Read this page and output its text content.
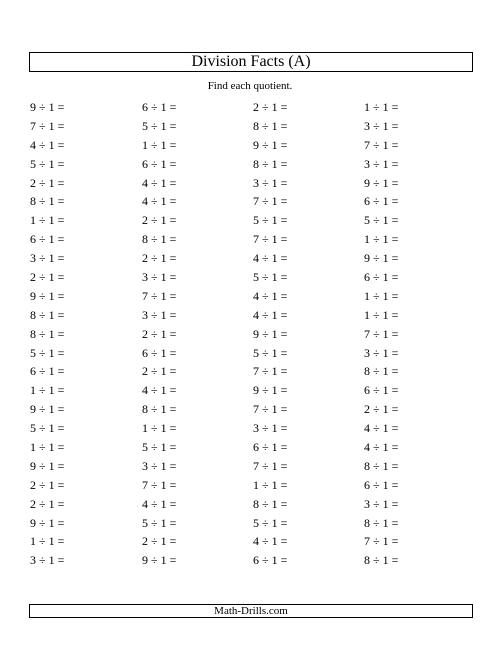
Division Facts (A)
Find each quotient.
9 ÷ 1 =
7 ÷ 1 =
4 ÷ 1 =
5 ÷ 1 =
2 ÷ 1 =
8 ÷ 1 =
1 ÷ 1 =
6 ÷ 1 =
3 ÷ 1 =
2 ÷ 1 =
9 ÷ 1 =
8 ÷ 1 =
8 ÷ 1 =
5 ÷ 1 =
6 ÷ 1 =
1 ÷ 1 =
9 ÷ 1 =
5 ÷ 1 =
1 ÷ 1 =
9 ÷ 1 =
2 ÷ 1 =
2 ÷ 1 =
9 ÷ 1 =
1 ÷ 1 =
3 ÷ 1 =
6 ÷ 1 =
5 ÷ 1 =
1 ÷ 1 =
6 ÷ 1 =
4 ÷ 1 =
4 ÷ 1 =
2 ÷ 1 =
8 ÷ 1 =
2 ÷ 1 =
3 ÷ 1 =
7 ÷ 1 =
3 ÷ 1 =
2 ÷ 1 =
6 ÷ 1 =
2 ÷ 1 =
4 ÷ 1 =
8 ÷ 1 =
1 ÷ 1 =
5 ÷ 1 =
3 ÷ 1 =
7 ÷ 1 =
4 ÷ 1 =
5 ÷ 1 =
2 ÷ 1 =
9 ÷ 1 =
2 ÷ 1 =
8 ÷ 1 =
9 ÷ 1 =
8 ÷ 1 =
3 ÷ 1 =
7 ÷ 1 =
5 ÷ 1 =
7 ÷ 1 =
4 ÷ 1 =
5 ÷ 1 =
4 ÷ 1 =
4 ÷ 1 =
9 ÷ 1 =
5 ÷ 1 =
7 ÷ 1 =
9 ÷ 1 =
7 ÷ 1 =
3 ÷ 1 =
6 ÷ 1 =
7 ÷ 1 =
1 ÷ 1 =
8 ÷ 1 =
5 ÷ 1 =
4 ÷ 1 =
6 ÷ 1 =
1 ÷ 1 =
3 ÷ 1 =
7 ÷ 1 =
3 ÷ 1 =
9 ÷ 1 =
6 ÷ 1 =
5 ÷ 1 =
1 ÷ 1 =
9 ÷ 1 =
6 ÷ 1 =
1 ÷ 1 =
1 ÷ 1 =
7 ÷ 1 =
3 ÷ 1 =
8 ÷ 1 =
6 ÷ 1 =
2 ÷ 1 =
4 ÷ 1 =
4 ÷ 1 =
8 ÷ 1 =
6 ÷ 1 =
3 ÷ 1 =
8 ÷ 1 =
7 ÷ 1 =
8 ÷ 1 =
Math-Drills.com
